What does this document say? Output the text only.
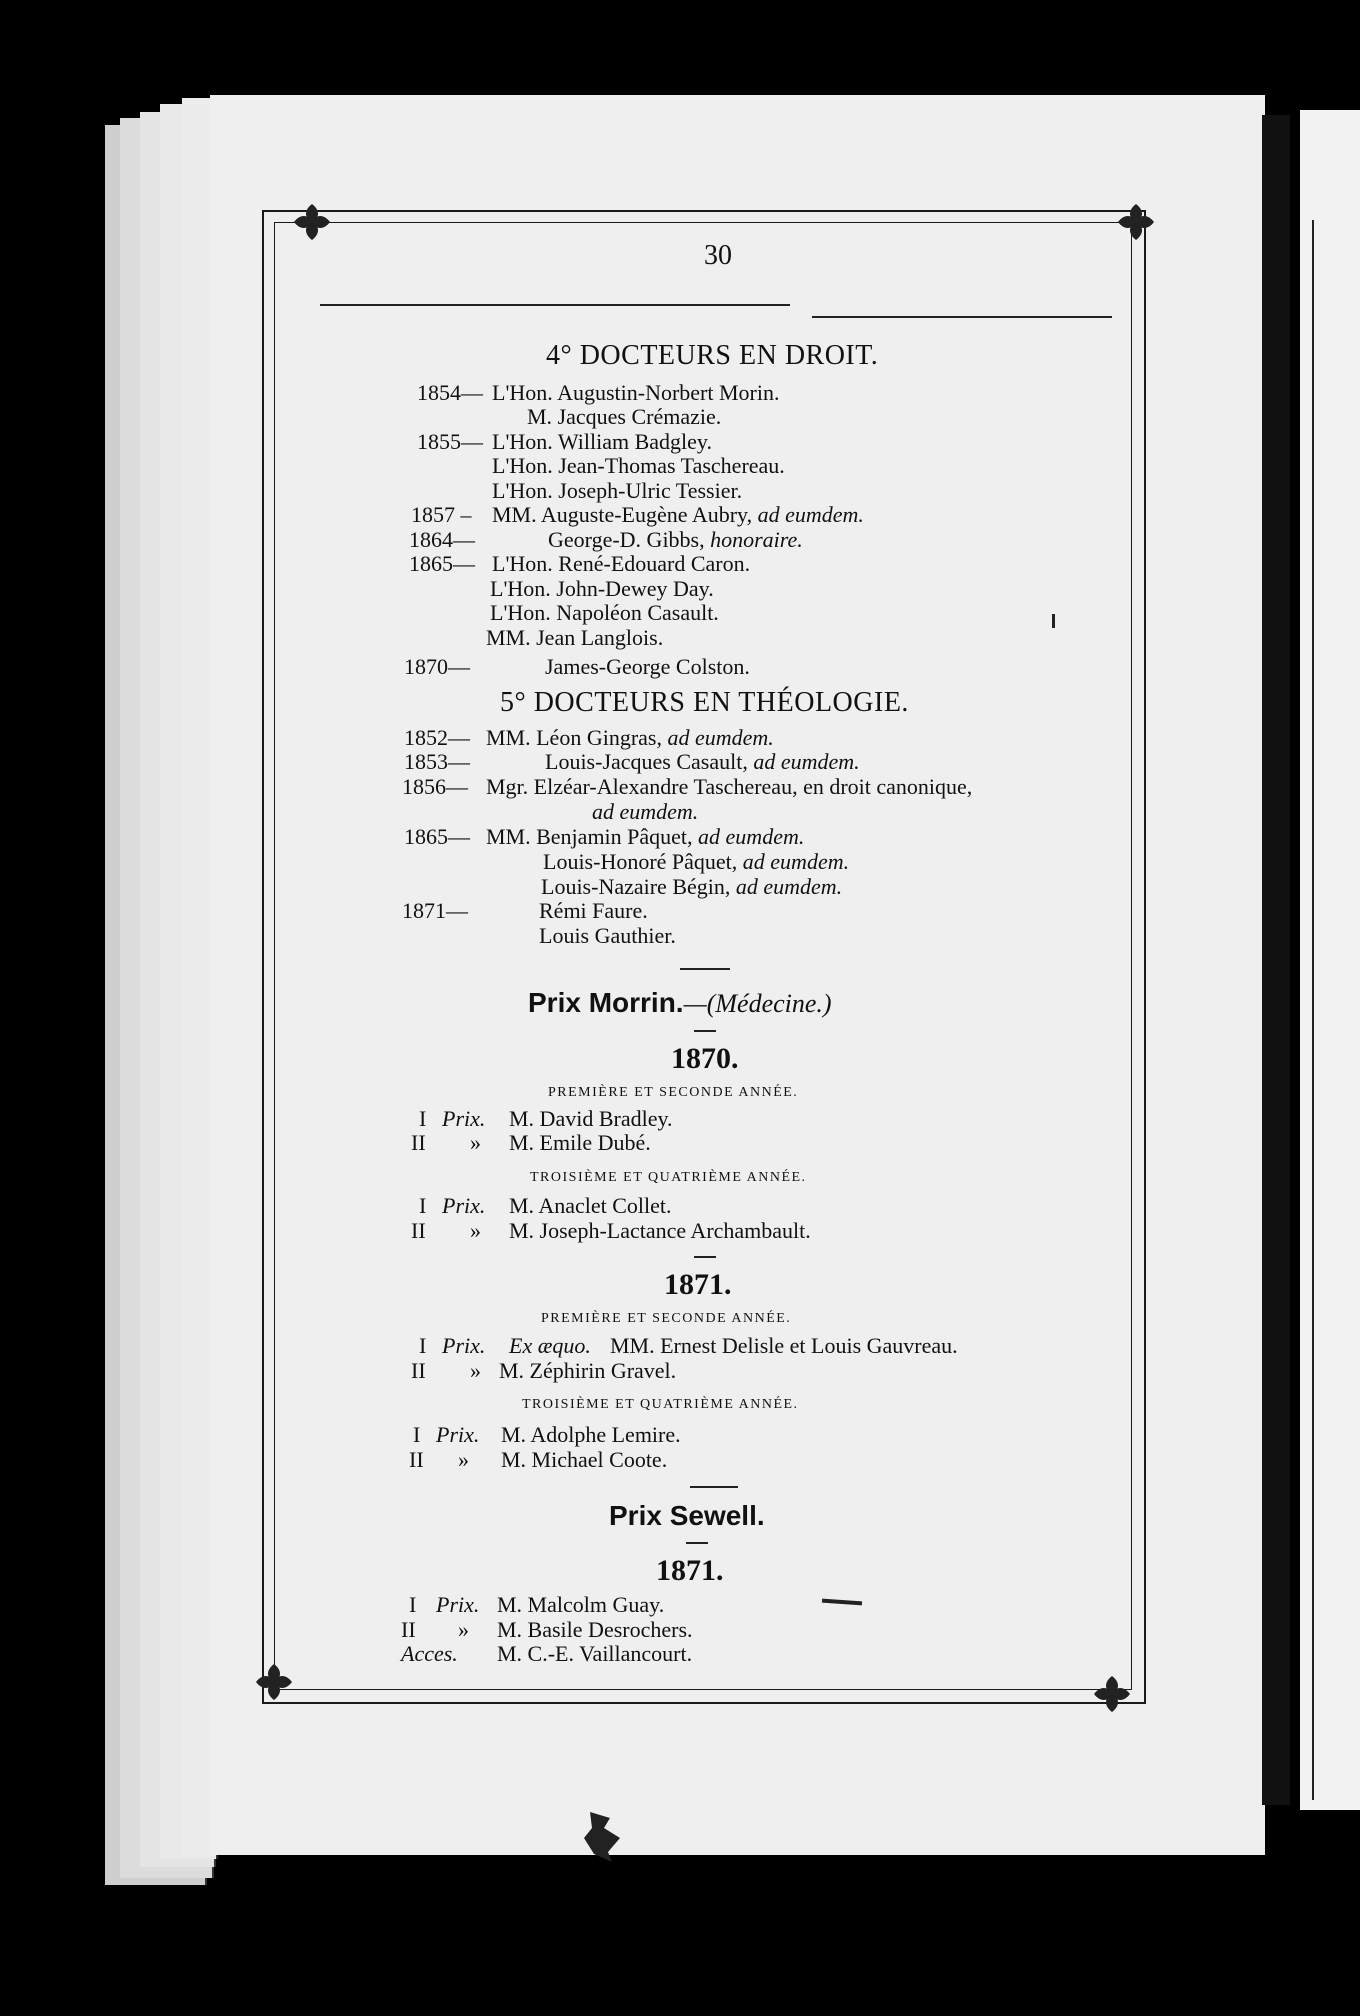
30
4° DOCTEURS EN DROIT.
1854— L'Hon. Augustin-Norbert Morin.
M. Jacques Crémazie.
1855— L'Hon. William Badgley.
L'Hon. Jean-Thomas Taschereau.
L'Hon. Joseph-Ulric Tessier.
1857 – MM. Auguste-Eugène Aubry, ad eumdem.
1864—	George-D. Gibbs, honoraire.
1865— L'Hon. René-Edouard Caron.
L'Hon. John-Dewey Day.
L'Hon. Napoléon Casault.
MM. Jean Langlois.
1870—	James-George Colston.
5° DOCTEURS EN THÉOLOGIE.
1852— MM. Léon Gingras, ad eumdem.
1853—	Louis-Jacques Casault, ad eumdem.
1856— Mgr. Elzéar-Alexandre Taschereau, en droit canonique,
ad eumdem.
1865— MM. Benjamin Pâquet, ad eumdem.
Louis-Honoré Pâquet, ad eumdem.
Louis-Nazaire Bégin, ad eumdem.
1871—	Rémi Faure.
Louis Gauthier.
Prix Morrin.—(Médecine.)
1870.
PREMIÈRE ET SECONDE ANNÉE.
I Prix. M. David Bradley.
II » M. Emile Dubé.
TROISIÈME ET QUATRIÈME ANNÉE.
I Prix. M. Anaclet Collet.
II » M. Joseph-Lactance Archambault.
1871.
PREMIÈRE ET SECONDE ANNÉE.
I Prix. Ex æquo. MM. Ernest Delisle et Louis Gauvreau.
II » M. Zéphirin Gravel.
TROISIÈME ET QUATRIÈME ANNÉE.
I Prix. M. Adolphe Lemire.
II » M. Michael Coote.
Prix Sewell.
1871.
I Prix. M. Malcolm Guay.
II » M. Basile Desrochers.
Acces. M. C.-E. Vaillancourt.
